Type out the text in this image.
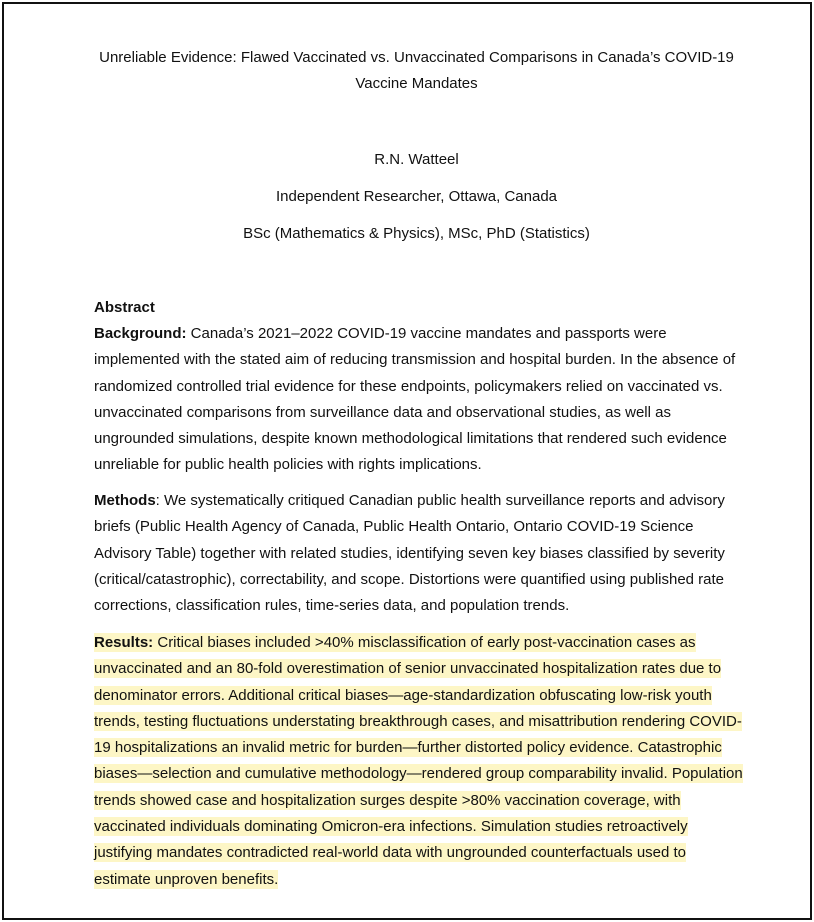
Unreliable Evidence: Flawed Vaccinated vs. Unvaccinated Comparisons in Canada’s COVID-19 Vaccine Mandates
R.N. Watteel
Independent Researcher, Ottawa, Canada
BSc (Mathematics & Physics), MSc, PhD (Statistics)
Abstract

Background: Canada’s 2021–2022 COVID-19 vaccine mandates and passports were implemented with the stated aim of reducing transmission and hospital burden. In the absence of randomized controlled trial evidence for these endpoints, policymakers relied on vaccinated vs. unvaccinated comparisons from surveillance data and observational studies, as well as ungrounded simulations, despite known methodological limitations that rendered such evidence unreliable for public health policies with rights implications.

Methods: We systematically critiqued Canadian public health surveillance reports and advisory briefs (Public Health Agency of Canada, Public Health Ontario, Ontario COVID-19 Science Advisory Table) together with related studies, identifying seven key biases classified by severity (critical/catastrophic), correctability, and scope. Distortions were quantified using published rate corrections, classification rules, time-series data, and population trends.

Results: Critical biases included >40% misclassification of early post-vaccination cases as unvaccinated and an 80-fold overestimation of senior unvaccinated hospitalization rates due to denominator errors. Additional critical biases—age-standardization obfuscating low-risk youth trends, testing fluctuations understating breakthrough cases, and misattribution rendering COVID-19 hospitalizations an invalid metric for burden—further distorted policy evidence. Catastrophic biases—selection and cumulative methodology—rendered group comparability invalid. Population trends showed case and hospitalization surges despite >80% vaccination coverage, with vaccinated individuals dominating Omicron-era infections. Simulation studies retroactively justifying mandates contradicted real-world data with ungrounded counterfactuals used to estimate unproven benefits.
